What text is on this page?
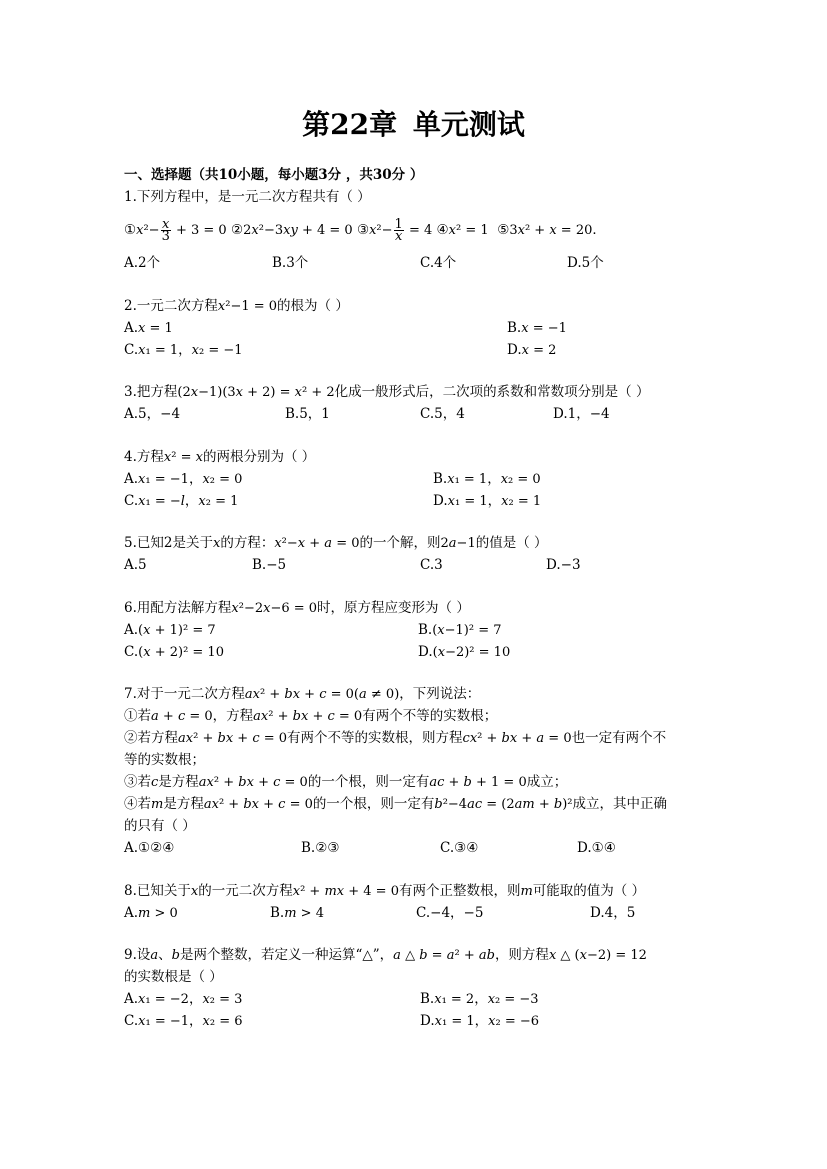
第22章 单元测试
一、选择题（共10小题，每小题3分 ，共30分 ）
1.下列方程中，是一元二次方程共有（ ）
①x²− $\frac{x}{3} + 3 = 0$ ②2x²−3xy + 4 = 0 ③x²− $\frac{1}{x} = 4$ ④x² = 1  ⑤3x² + x = 20．
A.2个	B.3个	C.4个	D.5个
2.一元二次方程x²−1 = 0的根为（ ）
A.x = 1	B.x = −1
C.x₁ = 1，x₂ = −1	D.x = 2
3.把方程(2x−1)(3x + 2) = x² + 2化成一般形式后，二次项的系数和常数项分别是（ ）
A.5，−4	B.5，1	C.5，4	D.1，−4
4.方程x² = x的两根分别为（ ）
A.x₁ = −1，x₂ = 0	B.x₁ = 1，x₂ = 0
C.x₁ = −l，x₂ = 1	D.x₁ = 1，x₂ = 1
5.已知2是关于x的方程：x²−x + a = 0的一个解，则2a−1的值是（ ）
A.5	B.−5	C.3	D.−3
6.用配方法解方程x²−2x−6 = 0时，原方程应变形为（ ）
A.(x + 1)² = 7	B.(x−1)² = 7
C.(x + 2)² = 10	D.(x−2)² = 10
7.对于一元二次方程ax² + bx + c = 0(a ≠ 0)，下列说法：
①若a + c = 0，方程ax² + bx + c = 0有两个不等的实数根；
②若方程ax² + bx + c = 0有两个不等的实数根，则方程cx² + bx + a = 0也一定有两个不
等的实数根；
③若c是方程ax² + bx + c = 0的一个根，则一定有ac + b + 1 = 0成立；
④若m是方程ax² + bx + c = 0的一个根，则一定有b²−4ac = (2am + b)²成立，其中正确
的只有（ ）
A.①②④	B.②③	C.③④	D.①④
8.已知关于x的一元二次方程x² + mx + 4 = 0有两个正整数根，则m可能取的值为（ ）
A.m > 0	B.m > 4	C.−4，−5	D.4，5
9.设a、b是两个整数，若定义一种运算“△”，a △ b = a² + ab，则方程x △ (x−2) = 12
的实数根是（ ）
A.x₁ = −2，x₂ = 3	B.x₁ = 2，x₂ = −3
C.x₁ = −1，x₂ = 6	D.x₁ = 1，x₂ = −6
